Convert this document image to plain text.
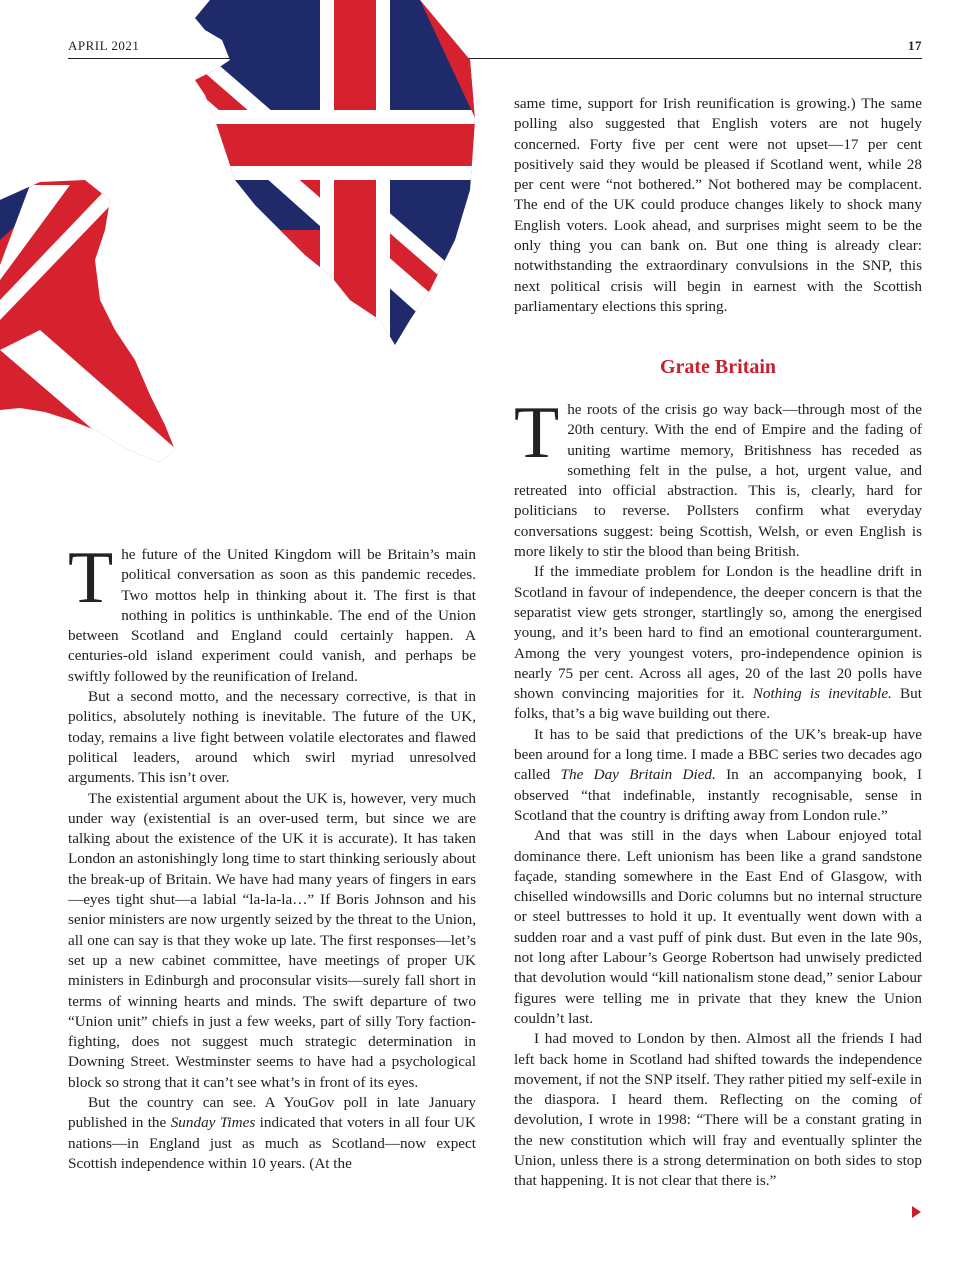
APRIL 2021	17

same time, support for Irish reunification is growing.) The same polling also suggested that English voters are not hugely concerned. Forty five per cent were not upset—17 per cent positively said they would be pleased if Scotland went, while 28 per cent were “not bothered.” Not bothered may be complacent. The end of the UK could produce changes likely to shock many English voters. Look ahead, and surprises might seem to be the only thing you can bank on. But one thing is already clear: notwithstanding the extraordinary convulsions in the SNP, this next political crisis will begin in earnest with the Scottish parliamentary elections this spring.

Grate Britain

The future of the United Kingdom will be Britain’s main political conversation as soon as this pandemic recedes. Two mottos help in thinking about it. The first is that nothing in politics is unthinkable. The end of the Union between Scotland and England could certainly happen. A centuries-old island experiment could vanish, and perhaps be swiftly followed by the reunification of Ireland.

But a second motto, and the necessary corrective, is that in politics, absolutely nothing is inevitable. The future of the UK, today, remains a live fight between volatile electorates and flawed political leaders, around which swirl myriad unresolved arguments. This isn’t over.

The existential argument about the UK is, however, very much under way (existential is an over-used term, but since we are talking about the existence of the UK it is accurate). It has taken London an astonishingly long time to start thinking seriously about the break-up of Britain. We have had many years of fingers in ears—eyes tight shut—a labial “la-la-la…” If Boris Johnson and his senior ministers are now urgently seized by the threat to the Union, all one can say is that they woke up late. The first responses—let’s set up a new cabinet committee, have meetings of proper UK ministers in Edinburgh and proconsular visits—surely fall short in terms of winning hearts and minds. The swift departure of two “Union unit” chiefs in just a few weeks, part of silly Tory faction-fighting, does not suggest much strategic determination in Downing Street. Westminster seems to have had a psychological block so strong that it can’t see what’s in front of its eyes.

But the country can see. A YouGov poll in late January published in the Sunday Times indicated that voters in all four UK nations—in England just as much as Scotland—now expect Scottish independence within 10 years. (At the

The roots of the crisis go way back—through most of the 20th century. With the end of Empire and the fading of uniting wartime memory, Britishness has receded as something felt in the pulse, a hot, urgent value, and retreated into official abstraction. This is, clearly, hard for politicians to reverse. Pollsters confirm what everyday conversations suggest: being Scottish, Welsh, or even English is more likely to stir the blood than being British.

If the immediate problem for London is the headline drift in Scotland in favour of independence, the deeper concern is that the separatist view gets stronger, startlingly so, among the energised young, and it’s been hard to find an emotional counterargument. Among the very youngest voters, pro-independence opinion is nearly 75 per cent. Across all ages, 20 of the last 20 polls have shown convincing majorities for it. Nothing is inevitable. But folks, that’s a big wave building out there.

It has to be said that predictions of the UK’s break-up have been around for a long time. I made a BBC series two decades ago called The Day Britain Died. In an accompanying book, I observed “that indefinable, instantly recognisable, sense in Scotland that the country is drifting away from London rule.”

And that was still in the days when Labour enjoyed total dominance there. Left unionism has been like a grand sandstone façade, standing somewhere in the East End of Glasgow, with chiselled windowsills and Doric columns but no internal structure or steel buttresses to hold it up. It eventually went down with a sudden roar and a vast puff of pink dust. But even in the late 90s, not long after Labour’s George Robertson had unwisely predicted that devolution would “kill nationalism stone dead,” senior Labour figures were telling me in private that they knew the Union couldn’t last.

I had moved to London by then. Almost all the friends I had left back home in Scotland had shifted towards the independence movement, if not the SNP itself. They rather pitied my self-exile in the diaspora. I heard them. Reflecting on the coming of devolution, I wrote in 1998: “There will be a constant grating in the new constitution which will fray and eventually splinter the Union, unless there is a strong determination on both sides to stop that happening. It is not clear that there is.”
